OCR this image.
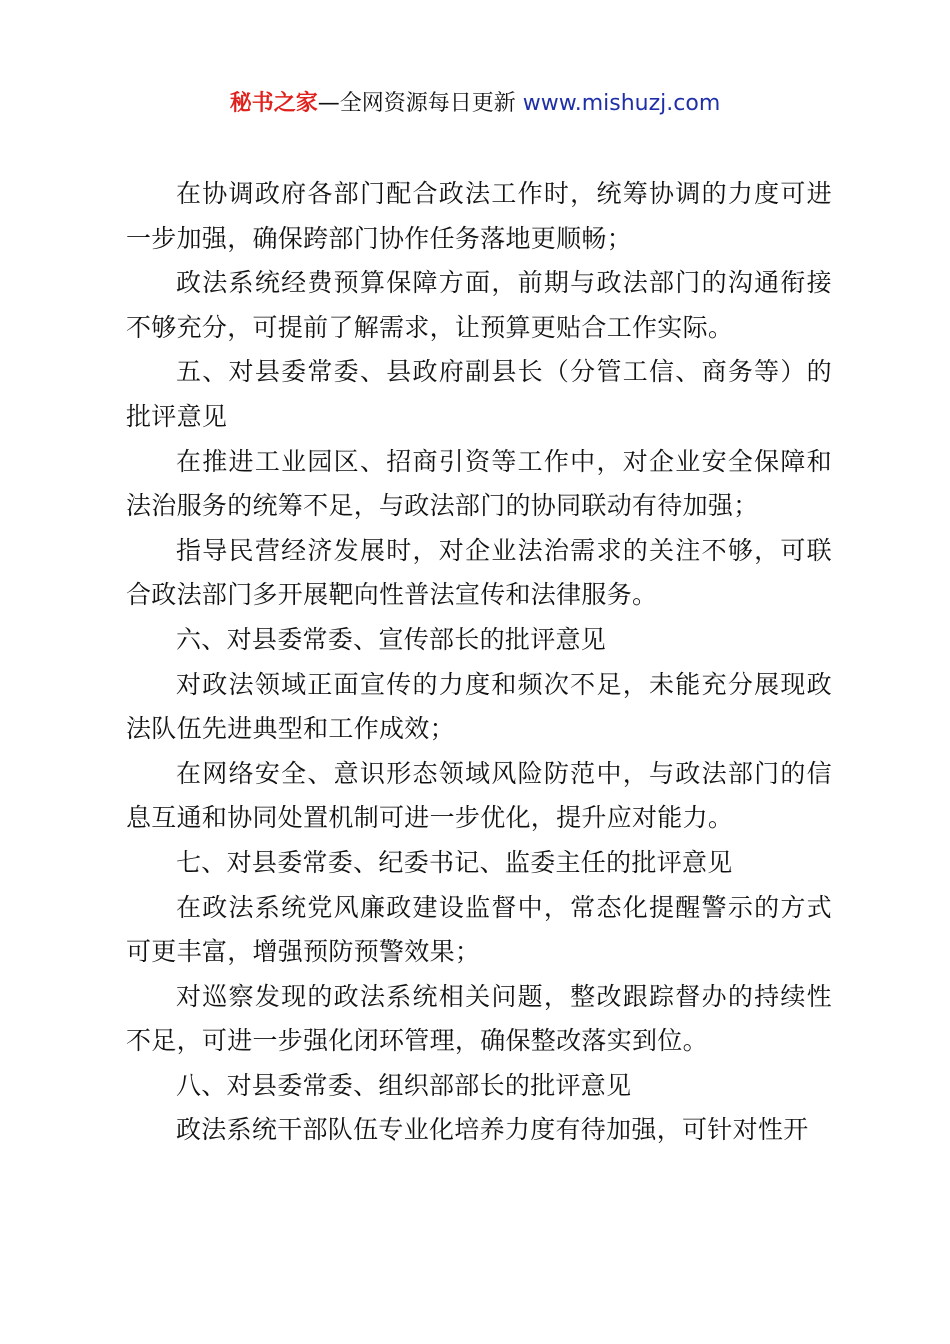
秘书之家—全网资源每日更新 www.mishuzj.com

在协调政府各部门配合政法工作时，统筹协调的力度可进一步加强，确保跨部门协作任务落地更顺畅；

政法系统经费预算保障方面，前期与政法部门的沟通衔接不够充分，可提前了解需求，让预算更贴合工作实际。

五、对县委常委、县政府副县长（分管工信、商务等）的批评意见

在推进工业园区、招商引资等工作中，对企业安全保障和法治服务的统筹不足，与政法部门的协同联动有待加强；

指导民营经济发展时，对企业法治需求的关注不够，可联合政法部门多开展靶向性普法宣传和法律服务。

六、对县委常委、宣传部长的批评意见

对政法领域正面宣传的力度和频次不足，未能充分展现政法队伍先进典型和工作成效；

在网络安全、意识形态领域风险防范中，与政法部门的信息互通和协同处置机制可进一步优化，提升应对能力。

七、对县委常委、纪委书记、监委主任的批评意见

在政法系统党风廉政建设监督中，常态化提醒警示的方式可更丰富，增强预防预警效果；

对巡察发现的政法系统相关问题，整改跟踪督办的持续性不足，可进一步强化闭环管理，确保整改落实到位。

八、对县委常委、组织部部长的批评意见

政法系统干部队伍专业化培养力度有待加强，可针对性开
